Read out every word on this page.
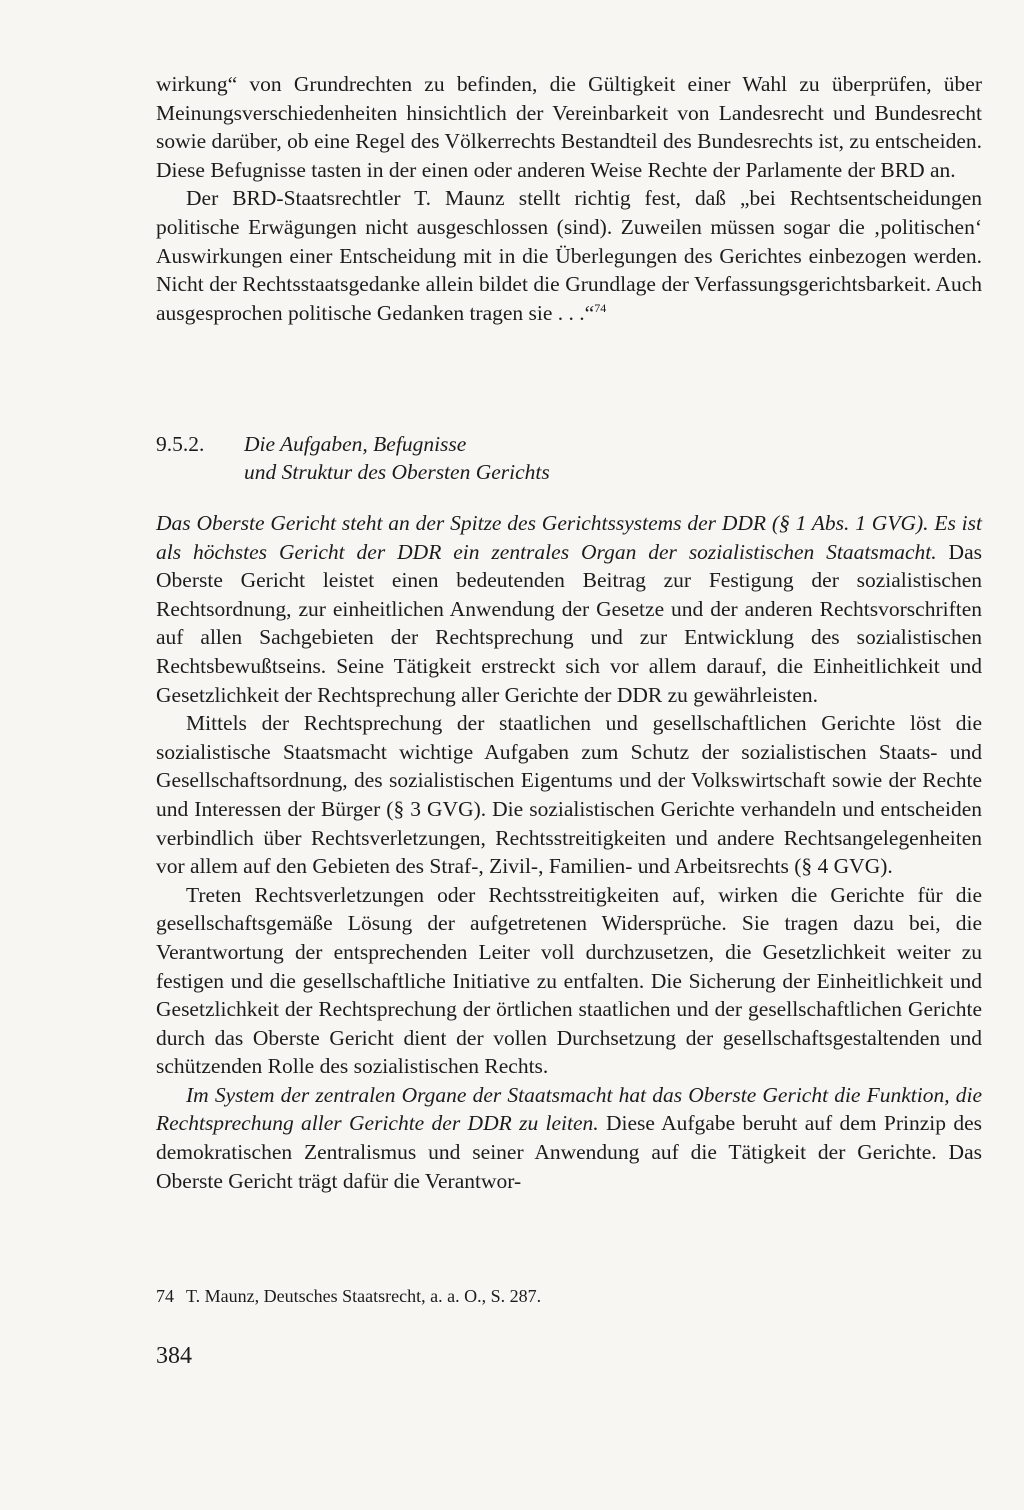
wirkung“ von Grundrechten zu befinden, die Gültigkeit einer Wahl zu überprüfen, über Meinungsverschiedenheiten hinsichtlich der Vereinbarkeit von Landesrecht und Bundesrecht sowie darüber, ob eine Regel des Völkerrechts Bestandteil des Bundesrechts ist, zu entscheiden. Diese Befugnisse tasten in der einen oder anderen Weise Rechte der Parlamente der BRD an.

Der BRD-Staatsrechtler T. Maunz stellt richtig fest, daß „bei Rechtsentscheidungen politische Erwägungen nicht ausgeschlossen (sind). Zuweilen müssen sogar die ‚politischen‘ Auswirkungen einer Entscheidung mit in die Überlegungen des Gerichtes einbezogen werden. Nicht der Rechtsstaatsgedanke allein bildet die Grundlage der Verfassungsgerichtsbarkeit. Auch ausgesprochen politische Gedanken tragen sie . . .“$^{74}$

9.5.2. Die Aufgaben, Befugnisse
und Struktur des Obersten Gerichts

Das Oberste Gericht steht an der Spitze des Gerichtssystems der DDR (§ 1 Abs. 1 GVG). Es ist als höchstes Gericht der DDR ein zentrales Organ der sozialistischen Staatsmacht. Das Oberste Gericht leistet einen bedeutenden Beitrag zur Festigung der sozialistischen Rechtsordnung, zur einheitlichen Anwendung der Gesetze und der anderen Rechtsvorschriften auf allen Sachgebieten der Rechtsprechung und zur Entwicklung des sozialistischen Rechtsbewußtseins. Seine Tätigkeit erstreckt sich vor allem darauf, die Einheitlichkeit und Gesetzlichkeit der Rechtsprechung aller Gerichte der DDR zu gewährleisten.

Mittels der Rechtsprechung der staatlichen und gesellschaftlichen Gerichte löst die sozialistische Staatsmacht wichtige Aufgaben zum Schutz der sozialistischen Staats- und Gesellschaftsordnung, des sozialistischen Eigentums und der Volkswirtschaft sowie der Rechte und Interessen der Bürger (§ 3 GVG). Die sozialistischen Gerichte verhandeln und entscheiden verbindlich über Rechtsverletzungen, Rechtsstreitigkeiten und andere Rechtsangelegenheiten vor allem auf den Gebieten des Straf-, Zivil-, Familien- und Arbeitsrechts (§ 4 GVG).

Treten Rechtsverletzungen oder Rechtsstreitigkeiten auf, wirken die Gerichte für die gesellschaftsgemäße Lösung der aufgetretenen Widersprüche. Sie tragen dazu bei, die Verantwortung der entsprechenden Leiter voll durchzusetzen, die Gesetzlichkeit weiter zu festigen und die gesellschaftliche Initiative zu entfalten. Die Sicherung der Einheitlichkeit und Gesetzlichkeit der Rechtsprechung der örtlichen staatlichen und der gesellschaftlichen Gerichte durch das Oberste Gericht dient der vollen Durchsetzung der gesellschaftsgestaltenden und schützenden Rolle des sozialistischen Rechts.

Im System der zentralen Organe der Staatsmacht hat das Oberste Gericht die Funktion, die Rechtsprechung aller Gerichte der DDR zu leiten. Diese Aufgabe beruht auf dem Prinzip des demokratischen Zentralismus und seiner Anwendung auf die Tätigkeit der Gerichte. Das Oberste Gericht trägt dafür die Verantwor-

74 T. Maunz, Deutsches Staatsrecht, a. a. O., S. 287.
384
